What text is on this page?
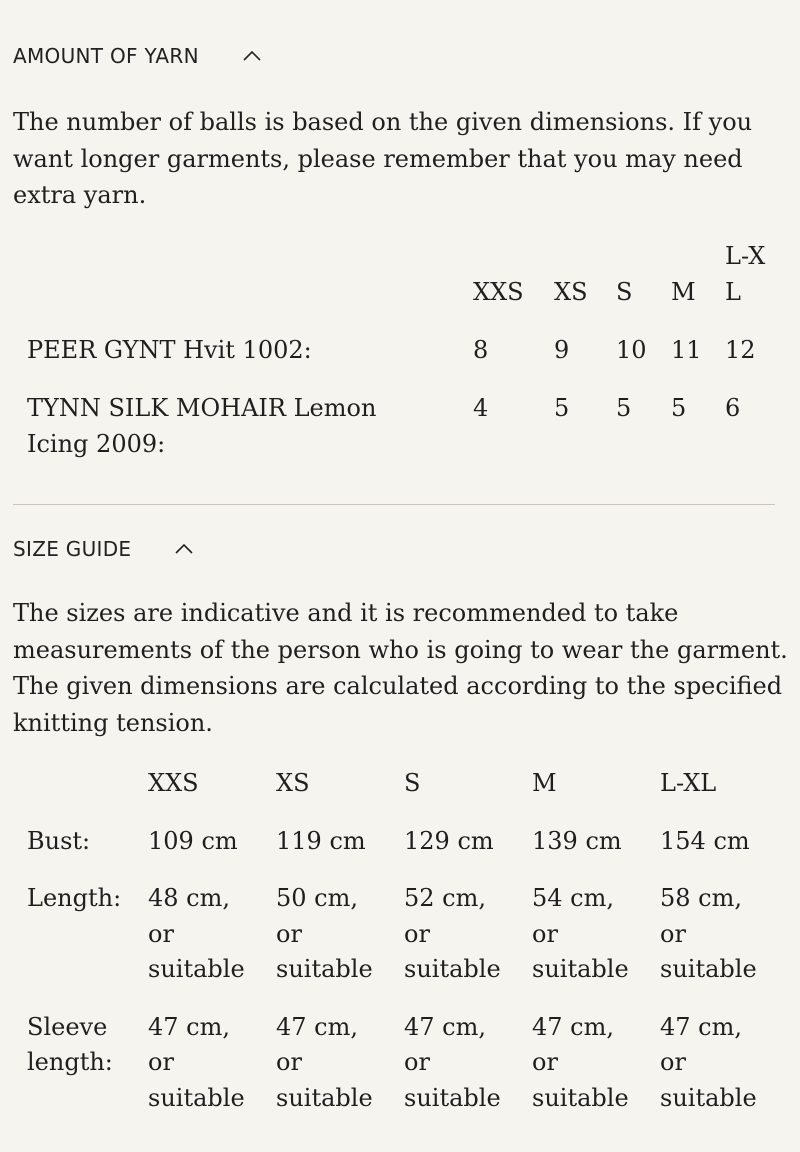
AMOUNT OF YARN

The number of balls is based on the given dimensions. If you want longer garments, please remember that you may need extra yarn.

	XXS	XS	S	M	L-XL
PEER GYNT Hvit 1002:	8	9	10	11	12
TYNN SILK MOHAIR Lemon Icing 2009:	4	5	5	5	6
SIZE GUIDE

The sizes are indicative and it is recommended to take measurements of the person who is going to wear the garment. The given dimensions are calculated according to the specified knitting tension.

	XXS	XS	S	M	L-XL
Bust:	109 cm	119 cm	129 cm	139 cm	154 cm
Length:	48 cm, or suitable	50 cm, or suitable	52 cm, or suitable	54 cm, or suitable	58 cm, or suitable
Sleeve length:	47 cm, or suitable	47 cm, or suitable	47 cm, or suitable	47 cm, or suitable	47 cm, or suitable
